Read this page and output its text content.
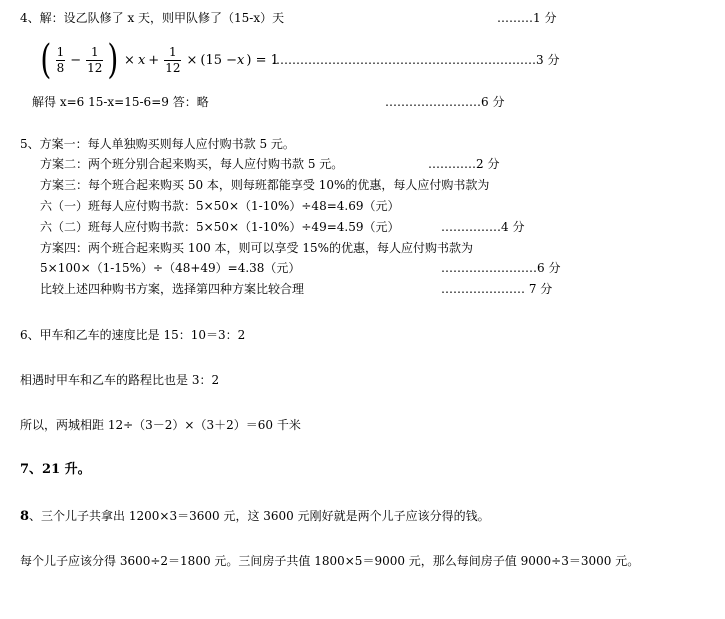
4、解：设乙队修了 x 天，则甲队修了（15-x）天	………1 分
( $\frac{1}{8} - \frac{1}{12}$ ) × $x + \frac{1}{12} \times (15 - x$ ) = 1
…………………………………………………………3 分
解得 x=6 15-x=15-6=9 答：略	……………………6 分
5、方案一：每人单独购买则每人应付购书款 5 元。
方案二：两个班分别合起来购买，每人应付购书款 5 元。	…………2 分
方案三：每个班合起来购买 50 本，则每班都能享受 10%的优惠，每人应付购书款为
六（一）班每人应付购书款：5×50×（1-10%）÷48=4.69（元）
六（二）班每人应付购书款：5×50×（1-10%）÷49=4.59（元）	……………4 分
方案四：两个班合起来购买 100 本，则可以享受 15%的优惠，每人应付购书款为
5×100×（1-15%）÷（48+49）=4.38（元）	……………………6 分
比较上述四种购书方案，选择第四种方案比较合理	………………… 7 分
6、甲车和乙车的速度比是 15：10＝3：2
相遇时甲车和乙车的路程比也是 3：2
所以，两城相距 12÷（3－2）×（3＋2）＝60 千米
7、21 升。
8、三个儿子共拿出 1200×3＝3600 元，这 3600 元刚好就是两个儿子应该分得的钱。
每个儿子应该分得 3600÷2＝1800 元。三间房子共值 1800×5＝9000 元，那么每间房子值 9000÷3＝3000 元。
